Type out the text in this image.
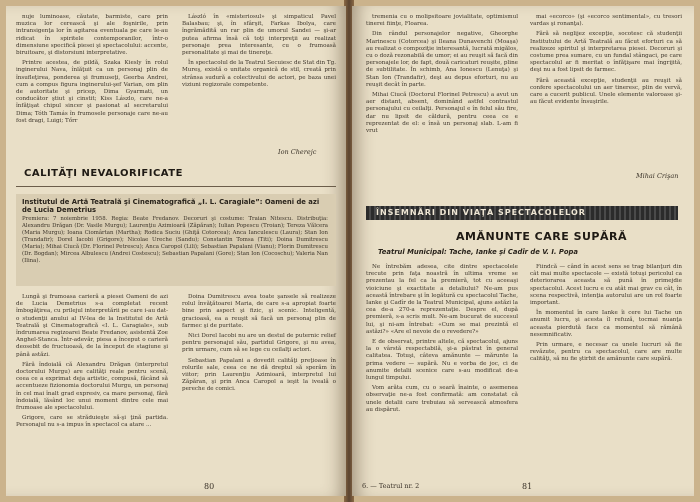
nuje luminoase, căutate, barmiste, care prin muzica lor cerească şi ale foşnirile, prin intransigenţa lor în agitarea eventuala pe care le-au ridicat în spiritele contemporanilor, într-o dimensiune specifică piesei şi spectacolului: accente, biruitoare, şi distorsiuni interpretative.

Printre acestea, de pildă, Szaka Kiesly în rolul inginerului Nava, înlăţuit ca un personaj plin de însufleţirea, ponderea şi frumuseţi, Geerba Andrei, cum a compus figura inginerului-şef Varian, om plin de autoritate şi pricep, Dima Gyarmati, un conducător ştiut şi cinstit; Kiss Lászlo, care ne-a înfăţişat chipul sincer şi pasionat al secretarului Dima; Tóth Tamás în frumosele personaje care ne-au fost dragi, Luigi; Tőrr

László în «misteriosul» şi simpaticul Pavel Balasbau; şi, în sfârşit, Farkas Ibolya, care îngrămădită un rar plin de umorul Sandei — şi-ar putea afirma însă că toţi interpreţii au realizat personaje prea interesante, cu o frumoasă personalitate şi mai de tinereţe.

În spectacolul de la Teatrul Secuiesc de Stat din Tg. Mureş, există o unitate organică de stil, creată prin strânsa sudură a colectivului de actori, pe baza unei viziuni regizorale competente.

Ion Cherejc
CALITĂŢI NEVALORIFICATE
Institutul de Artă Teatrală şi Cinematografică „I. L. Caragiale”: Oameni de azi de Lucia Demetrius
Premiera: 7 noiembrie 1958. Regia: Beate Fredanov. Decoruri şi costume: Traian Nitescu. Distribuţia: Alexandru Drăgan (Dr. Vasile Murgu); Laurenţiu Azimioară (Zăpăran); Iulian Popescu (Troian); Tereza Vălcera (Maria Murgu); Ioana Ciomârtan (Martha); Rodica Suciu (Ghiţă Cotorcea); Anca Ianculescu (Laura); Stan Ion (Trandafir); Dorel Iacobi (Grigore); Nicolae Ureche (Sandu); Constantin Tomsa (Titi); Doina Dumitrescu (Maria); Mihai Ciucă (Dr. Florinel Petrescu); Anca Caropol (Lili); Sebastian Papalani (Vianu); Florin Dumitrescu (Dr. Bogdan); Mircea Albulescu (Andrei Costescu); Sebastian Papalani (Gore); Stan Ion (Cocoschu); Valeria Nan (Ilina).

Lungă şi frumoasa carieră a piesei Oameni de azi de Lucia Demetrius s-a completat recent îmbogăţirea, cu prilejul interpretării pe care i-au dat-o studenţii anului al IV-lea de la Institutul de Artă Teatrală şi Cinematografică «I. L. Caragiale», sub îndrumarea regizoarei Beate Fredanov, asistentă Zoe Anghel-Stanca. Într-adevăr, piesa a început o carieră deosebit de fructuoasă, de la început de stagiune şi până astăzi.

Fără îndoială că Alexandru Drăgan (interpretul doctorului Murgu) are calităţi reale pentru scenă, ceea ce a exprimat deja artistic, compusă, făcând să accentueze fizionomia doctorului Murgu, un personaj în cel mai înalt grad expresiv, ca mare personaj, fără îndoială, lăsând loc unui moment dintre cele mai frumoase ale spectacolului.

Grigore, care se străduieşte să-şi ţină partida. Personajul nu s-a impus în spectacol ca atare ...

Doina Dumitrescu avea toate şansele să realizeze rolul învăţătoarei Maria, de care s-a apropiat foarte bine prin aspect şi fizic, şi scenic. Inteligentă, gracioasă, ea a reuşit să facă un personaj plin de farmec şi de puritate.

Nici Dorel Iacobi nu are un destul de puternic relief pentru personajul său, partidul Grigore, şi nu avea, prin urmare, cum să se lege cu ceilalţi actori.

Sebastian Papalani a dovedit calităţi preţioase în rolurile sale, ceea ce ne dă dreptul să sperăm în viitor; prin Laurenţiu Azimioară, interpretul lui Zăpăran, şi prin Anca Caropol a ieşit la iveală o pereche de comici.

80

tremenia cu o molipsitoare jovialitate, optimismul tinerei fiinţe, Floarea.

Din rândul personajelor negative, Gheorghe Marinescu (Cotorcea) şi Ileana Dunavenchi (Moaşa) au realizat o compoziţie interesantă, lucrată migălos, cu o doză rezonabilă de umor; ei au reuşit să facă din personajele lor, de fapt, două caricaturi reuşite, pline de subtilitate. În schimb, Ana Ionescu (Lenuţa) şi Stan Ion (Trandafir), deşi au depus eforturi, nu au reuşit decât în parte.

Mihai Ciucă (Doctorul Florinel Petrescu) a avut un aer distant, absent, dominând astfel contrastul personajului cu ceilalţi. Personajul e în felul său fire, dar nu lipsit de căldură, pentru ceea ce e reprezentat de el: e însă un personaj slab. L-am fi vrut

mai «ecorco» (şi «ecorco sentimental», cu tresori vardas şi ronanţa).

Fără să neglijez excepţie, socotesc că studenţii Institutului de Artă Teatrală au făcut eforturi ca să realizeze spiritul şi interpretarea piesei. Decoruri şi costume prea sumare, cu un fundal stângaci, pe care spectacolul ar fi meritat o înfăţişare mai îngrijită, deşi nu a fost lipsit de farmec.

Fără această excepţie, studenţii au reuşit să confere spectacolului un aer tineresc, plin de vervă, care a cucerit publicul. Unele elemente valoroase şi-au făcut evidente însuşirile.

Mihai Crişan
ÎNSEMNĂRI DIN VIAŢA SPECTACOLELOR
AMĂNUNTE CARE SUPĂRĂ
Teatrul Municipal: Tache, Ianke şi Cadîr de V. I. Popa

Ne întrebăm adesea, cite dintre spectacolele trecute prin faţa noastră în ultima vreme se prezentau la fel ca la premieră, tot cu aceeaşi vioiciune şi exactitate a detaliului? Ne-am pus această întrebare şi în legătură cu spectacolul Tache, Ianke şi Cadîr de la Teatrul Municipal, ajuns astăzi la cea de-a 270-a reprezentaţie. Despre el, după premieră, s-a scris mult. Ne-am bucurat de succesul lui, şi ni-am întrebat: «Cum se mai prezintă el astăzi?» «Are el nevoie de o revedere?»

E de observat, printre altele, că spectacolul, ajuns la o vârstă respectabilă, şi-a păstrat în general calitatea. Totuşi, câteva amănunte — mărunte la prima vedere — supără. Nu e vorba de joc, ci de anumite detalii scenice care s-au modificat de-a lungul timpului.

Vom arăta cum, cu o seară înainte, o asemenea observaţie ne-a fost confirmată: am constatat că unele detalii care trebuiau să servească atmosfera au dispărut.

Fiindcă — când în acest sens se trag bilanţuri din cât mai multe spectacole — există totuşi pericolul ca deteriorarea aceasta să pună în primejdie spectacolul. Acest lucru e cu atât mai grav cu cât, în scena respectivă, intenţia autorului are un rol foarte important.

În momentul în care Ianke îi cere lui Tache un anumit lucru, şi acesta îl refuză, tocmai nuanţa aceasta pierdută face ca momentul să rămână nesemnificativ.

Prin urmare, e necesar ca unele lucruri să fie revăzute, pentru ca spectacolul, care are multe calităţi, să nu fie ştirbit de amănunte care supără.

6. — Teatrul nr. 2	81
